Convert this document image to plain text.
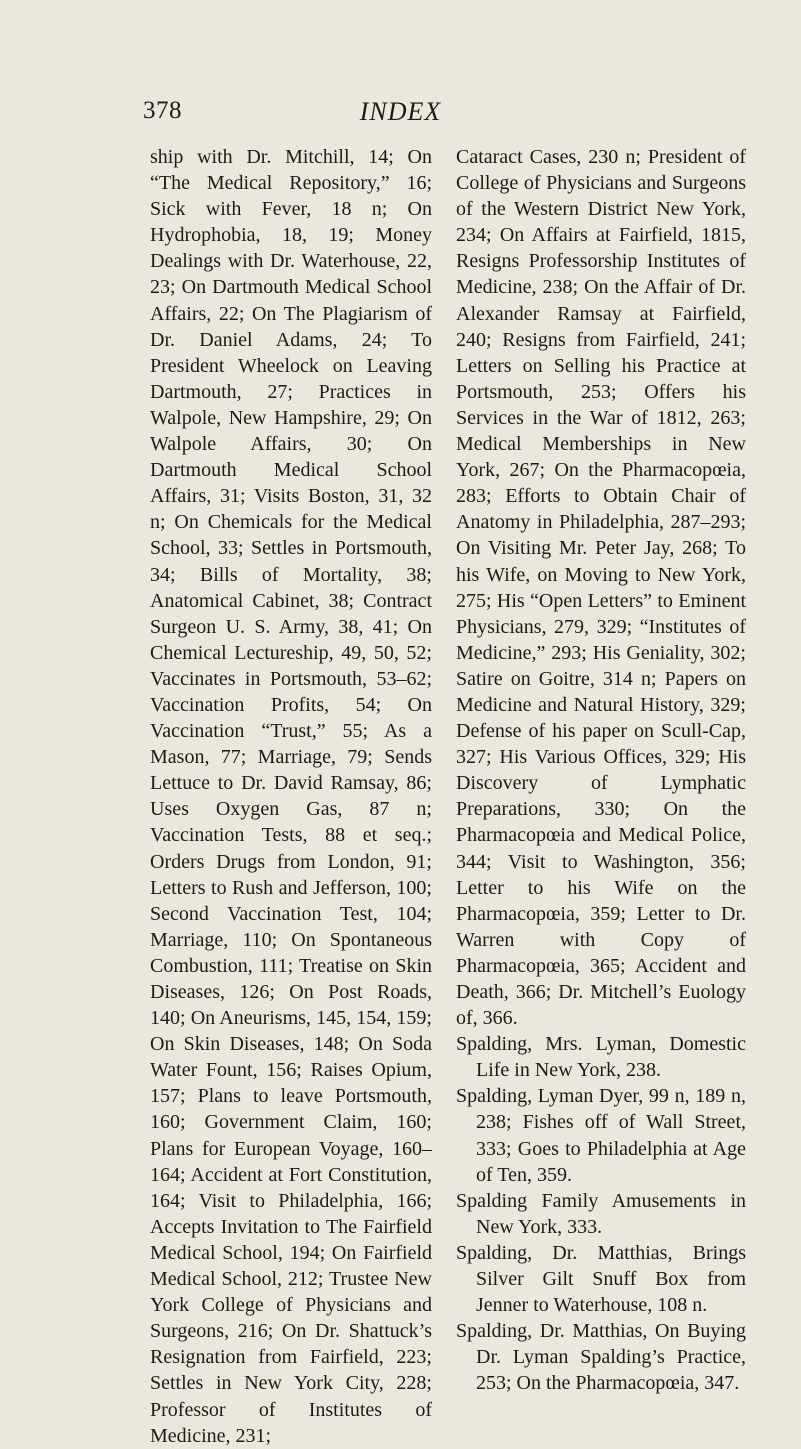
378	INDEX

ship with Dr. Mitchill, 14; On “The Medical Repository,” 16; Sick with Fever, 18 n; On Hydrophobia, 18, 19; Money Dealings with Dr. Waterhouse, 22, 23; On Dartmouth Medical School Affairs, 22; On The Plagiarism of Dr. Daniel Adams, 24; To President Wheelock on Leaving Dartmouth, 27; Practices in Walpole, New Hampshire, 29; On Walpole Affairs, 30; On Dartmouth Medical School Affairs, 31; Visits Boston, 31, 32 n; On Chemicals for the Medical School, 33; Settles in Portsmouth, 34; Bills of Mortality, 38; Anatomical Cabinet, 38; Contract Surgeon U. S. Army, 38, 41; On Chemical Lectureship, 49, 50, 52; Vaccinates in Portsmouth, 53–62; Vaccination Profits, 54; On Vaccination “Trust,” 55; As a Mason, 77; Marriage, 79; Sends Lettuce to Dr. David Ramsay, 86; Uses Oxygen Gas, 87 n; Vaccination Tests, 88 et seq.; Orders Drugs from London, 91; Letters to Rush and Jefferson, 100; Second Vaccination Test, 104; Marriage, 110; On Spontaneous Combustion, 111; Treatise on Skin Diseases, 126; On Post Roads, 140; On Aneurisms, 145, 154, 159; On Skin Diseases, 148; On Soda Water Fount, 156; Raises Opium, 157; Plans to leave Portsmouth, 160; Government Claim, 160; Plans for European Voyage, 160–164; Accident at Fort Constitution, 164; Visit to Philadelphia, 166; Accepts Invitation to The Fairfield Medical School, 194; On Fairfield Medical School, 212; Trustee New York College of Physicians and Surgeons, 216; On Dr. Shattuck’s Resignation from Fairfield, 223; Settles in New York City, 228; Professor of Institutes of Medicine, 231;

Cataract Cases, 230 n; President of College of Physicians and Surgeons of the Western District New York, 234; On Affairs at Fairfield, 1815, Resigns Professorship Institutes of Medicine, 238; On the Affair of Dr. Alexander Ramsay at Fairfield, 240; Resigns from Fairfield, 241; Letters on Selling his Practice at Portsmouth, 253; Offers his Services in the War of 1812, 263; Medical Memberships in New York, 267; On the Pharmacopœia, 283; Efforts to Obtain Chair of Anatomy in Philadelphia, 287–293; On Visiting Mr. Peter Jay, 268; To his Wife, on Moving to New York, 275; His “Open Letters” to Eminent Physicians, 279, 329; “Institutes of Medicine,” 293; His Geniality, 302; Satire on Goitre, 314 n; Papers on Medicine and Natural History, 329; Defense of his paper on Scull-Cap, 327; His Various Offices, 329; His Discovery of Lymphatic Preparations, 330; On the Pharmacopœia and Medical Police, 344; Visit to Washington, 356; Letter to his Wife on the Pharmacopœia, 359; Letter to Dr. Warren with Copy of Pharmacopœia, 365; Accident and Death, 366; Dr. Mitchell’s Euology of, 366.

Spalding, Mrs. Lyman, Domestic Life in New York, 238.

Spalding, Lyman Dyer, 99 n, 189 n, 238; Fishes off of Wall Street, 333; Goes to Philadelphia at Age of Ten, 359.

Spalding Family Amusements in New York, 333.

Spalding, Dr. Matthias, Brings Silver Gilt Snuff Box from Jenner to Waterhouse, 108 n.

Spalding, Dr. Matthias, On Buying Dr. Lyman Spalding’s Practice, 253; On the Pharmacopœia, 347.
